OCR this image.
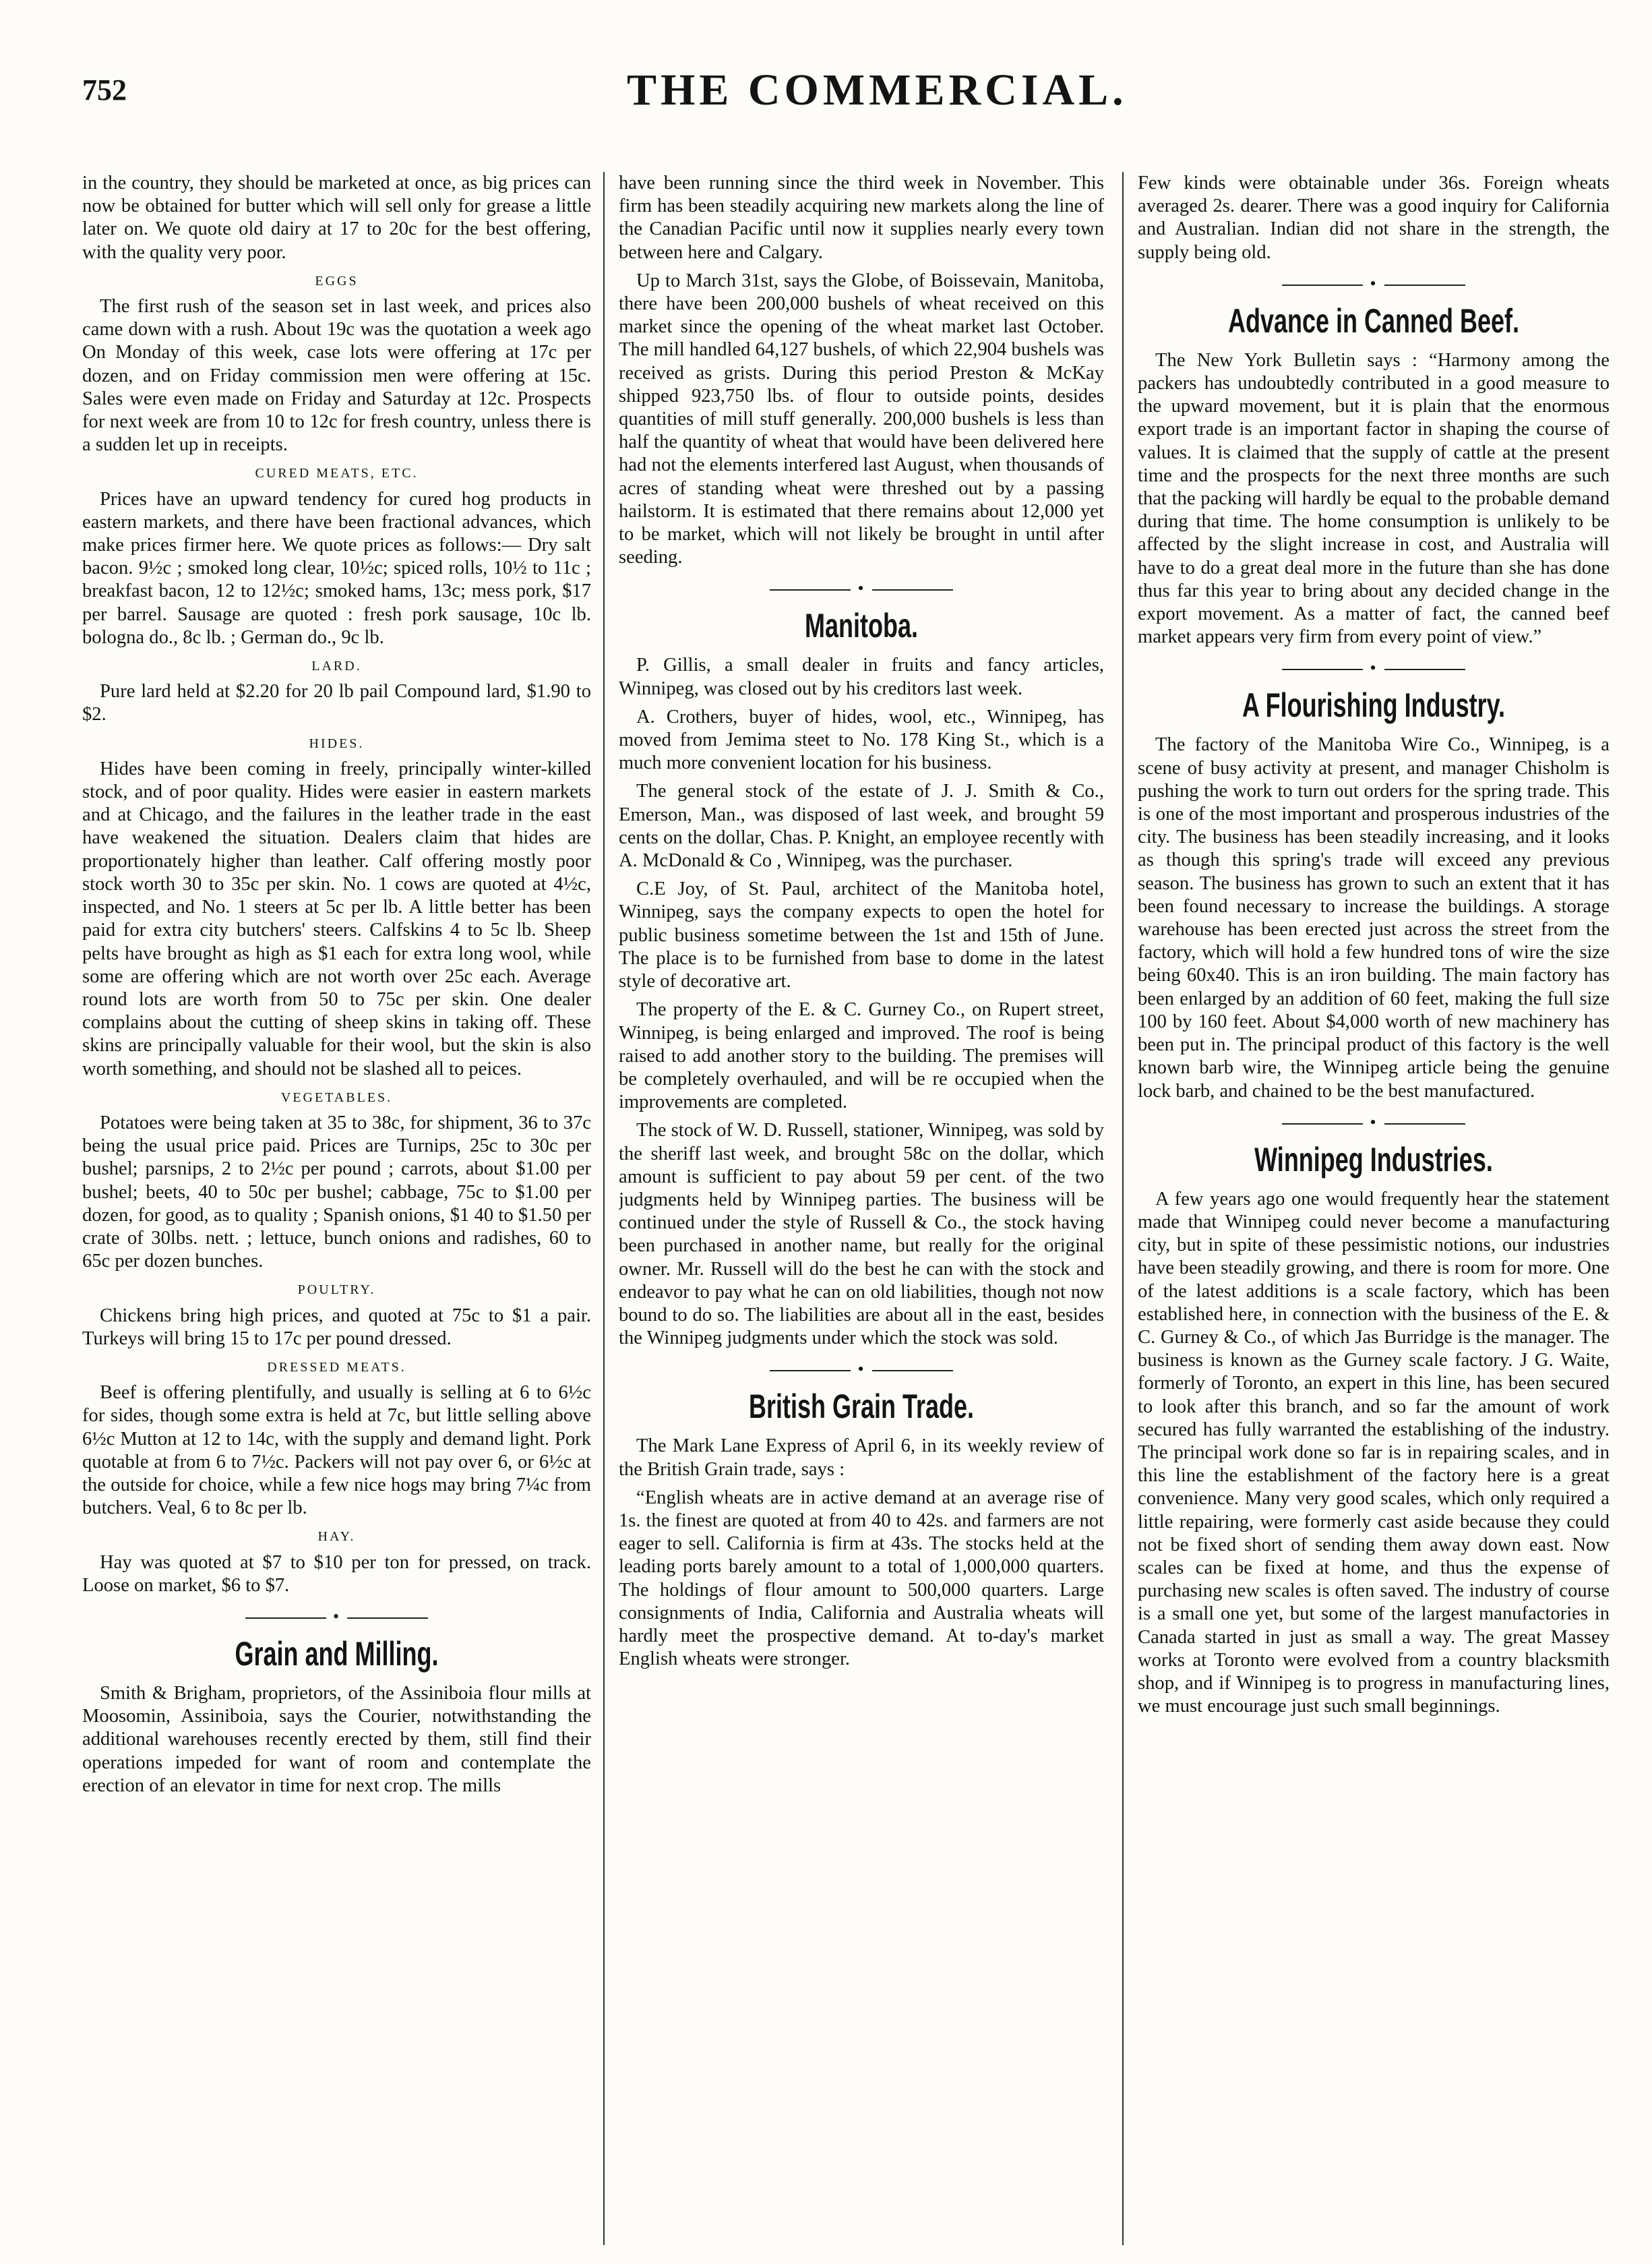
752	THE COMMERCIAL.

in the country, they should be marketed at once, as big prices can now be obtained for butter which will sell only for grease a little later on. We quote old dairy at 17 to 20c for the best offering, with the quality very poor.

EGGS

The first rush of the season set in last week, and prices also came down with a rush. About 19c was the quotation a week ago On Monday of this week, case lots were offering at 17c per dozen, and on Friday commission men were offering at 15c. Sales were even made on Friday and Saturday at 12c. Prospects for next week are from 10 to 12c for fresh country, unless there is a sudden let up in receipts.

CURED MEATS, ETC.

Prices have an upward tendency for cured hog products in eastern markets, and there have been fractional advances, which make prices firmer here. We quote prices as follows:— Dry salt bacon. 9½c ; smoked long clear, 10½c; spiced rolls, 10½ to 11c ; breakfast bacon, 12 to 12½c; smoked hams, 13c; mess pork, $17 per barrel. Sausage are quoted : fresh pork sausage, 10c lb. bologna do., 8c lb. ; German do., 9c lb.

LARD.

Pure lard held at $2.20 for 20 lb pail Compound lard, $1.90 to $2.

HIDES.

Hides have been coming in freely, principally winter-killed stock, and of poor quality. Hides were easier in eastern markets and at Chicago, and the failures in the leather trade in the east have weakened the situation. Dealers claim that hides are proportionately higher than leather. Calf offering mostly poor stock worth 30 to 35c per skin. No. 1 cows are quoted at 4½c, inspected, and No. 1 steers at 5c per lb. A little better has been paid for extra city butchers' steers. Calfskins 4 to 5c lb. Sheep pelts have brought as high as $1 each for extra long wool, while some are offering which are not worth over 25c each. Average round lots are worth from 50 to 75c per skin. One dealer complains about the cutting of sheep skins in taking off. These skins are principally valuable for their wool, but the skin is also worth something, and should not be slashed all to peices.

VEGETABLES.

Potatoes were being taken at 35 to 38c, for shipment, 36 to 37c being the usual price paid. Prices are Turnips, 25c to 30c per bushel; parsnips, 2 to 2½c per pound ; carrots, about $1.00 per bushel; beets, 40 to 50c per bushel; cabbage, 75c to $1.00 per dozen, for good, as to quality ; Spanish onions, $1 40 to $1.50 per crate of 30lbs. nett. ; lettuce, bunch onions and radishes, 60 to 65c per dozen bunches.

POULTRY.

Chickens bring high prices, and quoted at 75c to $1 a pair. Turkeys will bring 15 to 17c per pound dressed.

DRESSED MEATS.

Beef is offering plentifully, and usually is selling at 6 to 6½c for sides, though some extra is held at 7c, but little selling above 6½c Mutton at 12 to 14c, with the supply and demand light. Pork quotable at from 6 to 7½c. Packers will not pay over 6, or 6½c at the outside for choice, while a few nice hogs may bring 7¼c from butchers. Veal, 6 to 8c per lb.

HAY.

Hay was quoted at $7 to $10 per ton for pressed, on track. Loose on market, $6 to $7.

•
Grain and Milling.

Smith & Brigham, proprietors, of the Assiniboia flour mills at Moosomin, Assiniboia, says the Courier, notwithstanding the additional warehouses recently erected by them, still find their operations impeded for want of room and contemplate the erection of an elevator in time for next crop. The mills

have been running since the third week in November. This firm has been steadily acquiring new markets along the line of the Canadian Pacific until now it supplies nearly every town between here and Calgary.

Up to March 31st, says the Globe, of Boissevain, Manitoba, there have been 200,000 bushels of wheat received on this market since the opening of the wheat market last October. The mill handled 64,127 bushels, of which 22,904 bushels was received as grists. During this period Preston & McKay shipped 923,750 lbs. of flour to outside points, desides quantities of mill stuff generally. 200,000 bushels is less than half the quantity of wheat that would have been delivered here had not the elements interfered last August, when thousands of acres of standing wheat were threshed out by a passing hailstorm. It is estimated that there remains about 12,000 yet to be market, which will not likely be brought in until after seeding.

•
Manitoba.

P. Gillis, a small dealer in fruits and fancy articles, Winnipeg, was closed out by his creditors last week.

A. Crothers, buyer of hides, wool, etc., Winnipeg, has moved from Jemima steet to No. 178 King St., which is a much more convenient location for his business.

The general stock of the estate of J. J. Smith & Co., Emerson, Man., was disposed of last week, and brought 59 cents on the dollar, Chas. P. Knight, an employee recently with A. McDonald & Co , Winnipeg, was the purchaser.

C.E Joy, of St. Paul, architect of the Manitoba hotel, Winnipeg, says the company expects to open the hotel for public business sometime between the 1st and 15th of June. The place is to be furnished from base to dome in the latest style of decorative art.

The property of the E. & C. Gurney Co., on Rupert street, Winnipeg, is being enlarged and improved. The roof is being raised to add another story to the building. The premises will be completely overhauled, and will be re occupied when the improvements are completed.

The stock of W. D. Russell, stationer, Winnipeg, was sold by the sheriff last week, and brought 58c on the dollar, which amount is sufficient to pay about 59 per cent. of the two judgments held by Winnipeg parties. The business will be continued under the style of Russell & Co., the stock having been purchased in another name, but really for the original owner. Mr. Russell will do the best he can with the stock and endeavor to pay what he can on old liabilities, though not now bound to do so. The liabilities are about all in the east, besides the Winnipeg judgments under which the stock was sold.

•
British Grain Trade.

The Mark Lane Express of April 6, in its weekly review of the British Grain trade, says :

“English wheats are in active demand at an average rise of 1s. the finest are quoted at from 40 to 42s. and farmers are not eager to sell. California is firm at 43s. The stocks held at the leading ports barely amount to a total of 1,000,000 quarters. The holdings of flour amount to 500,000 quarters. Large consignments of India, California and Australia wheats will hardly meet the prospective demand. At to-day's market English wheats were stronger.

Few kinds were obtainable under 36s. Foreign wheats averaged 2s. dearer. There was a good inquiry for California and Australian. Indian did not share in the strength, the supply being old.

•
Advance in Canned Beef.

The New York Bulletin says : “Harmony among the packers has undoubtedly contributed in a good measure to the upward movement, but it is plain that the enormous export trade is an important factor in shaping the course of values. It is claimed that the supply of cattle at the present time and the prospects for the next three months are such that the packing will hardly be equal to the probable demand during that time. The home consumption is unlikely to be affected by the slight increase in cost, and Australia will have to do a great deal more in the future than she has done thus far this year to bring about any decided change in the export movement. As a matter of fact, the canned beef market appears very firm from every point of view.”

•
A Flourishing Industry.

The factory of the Manitoba Wire Co., Winnipeg, is a scene of busy activity at present, and manager Chisholm is pushing the work to turn out orders for the spring trade. This is one of the most important and prosperous industries of the city. The business has been steadily increasing, and it looks as though this spring's trade will exceed any previous season. The business has grown to such an extent that it has been found necessary to increase the buildings. A storage warehouse has been erected just across the street from the factory, which will hold a few hundred tons of wire the size being 60x40. This is an iron building. The main factory has been enlarged by an addition of 60 feet, making the full size 100 by 160 feet. About $4,000 worth of new machinery has been put in. The principal product of this factory is the well known barb wire, the Winnipeg article being the genuine lock barb, and chained to be the best manufactured.

•
Winnipeg Industries.

A few years ago one would frequently hear the statement made that Winnipeg could never become a manufacturing city, but in spite of these pessimistic notions, our industries have been steadily growing, and there is room for more. One of the latest additions is a scale factory, which has been established here, in connection with the business of the E. & C. Gurney & Co., of which Jas Burridge is the manager. The business is known as the Gurney scale factory. J G. Waite, formerly of Toronto, an expert in this line, has been secured to look after this branch, and so far the amount of work secured has fully warranted the establishing of the industry. The principal work done so far is in repairing scales, and in this line the establishment of the factory here is a great convenience. Many very good scales, which only required a little repairing, were formerly cast aside because they could not be fixed short of sending them away down east. Now scales can be fixed at home, and thus the expense of purchasing new scales is often saved. The industry of course is a small one yet, but some of the largest manufactories in Canada started in just as small a way. The great Massey works at Toronto were evolved from a country blacksmith shop, and if Winnipeg is to progress in manufacturing lines, we must encourage just such small beginnings.
